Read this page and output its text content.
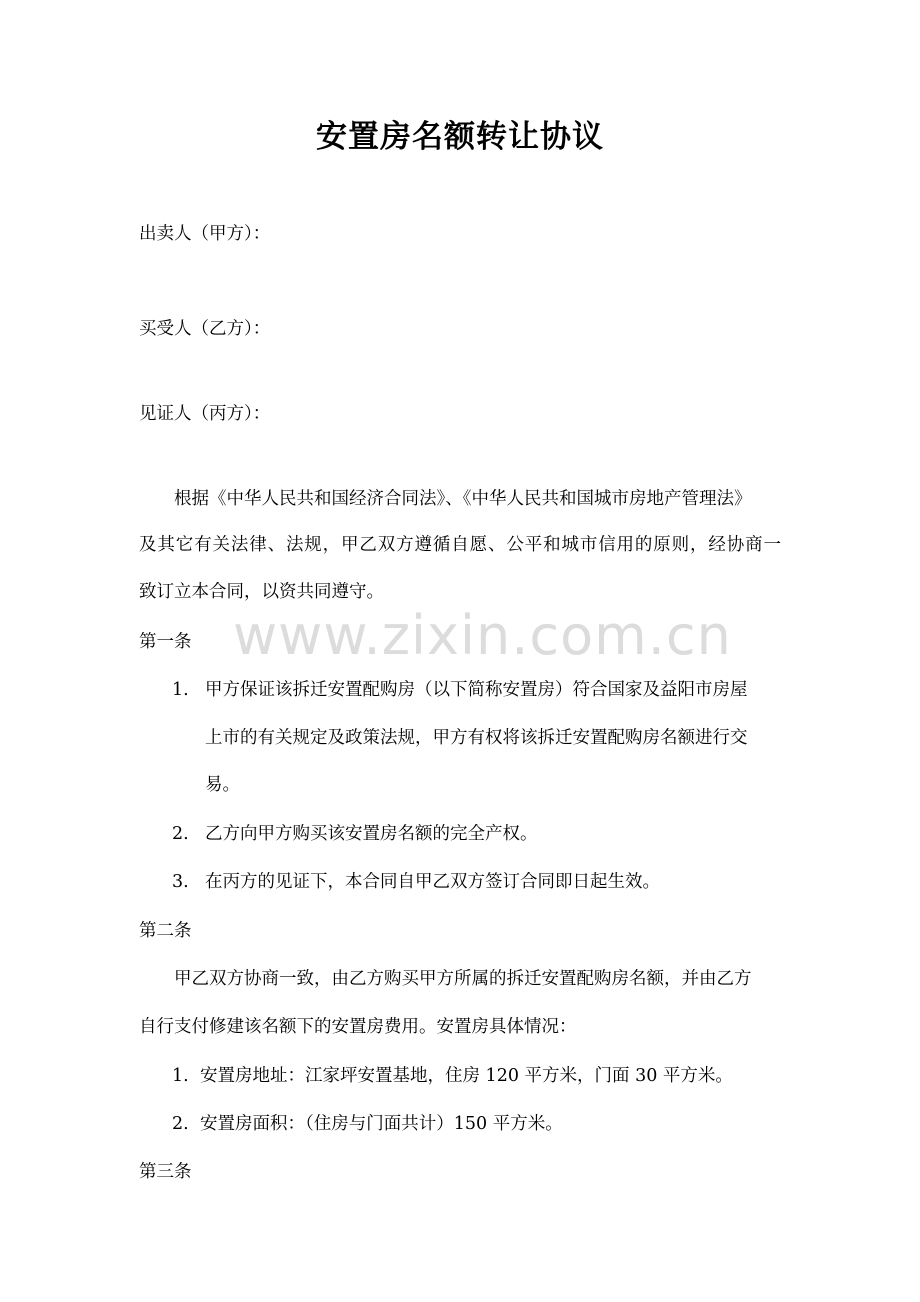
安置房名额转让协议
出卖人（甲方）：
买受人（乙方）：
见证人（丙方）：
根据《中华人民共和国经济合同法》、《中华人民共和国城市房地产管理法》
及其它有关法律、法规，甲乙双方遵循自愿、公平和城市信用的原则，经协商一
致订立本合同，以资共同遵守。
www.zixin.com.cn
第一条
1. 甲方保证该拆迁安置配购房（以下简称安置房）符合国家及益阳市房屋
上市的有关规定及政策法规，甲方有权将该拆迁安置配购房名额进行交
易。
2. 乙方向甲方购买该安置房名额的完全产权。
3. 在丙方的见证下，本合同自甲乙双方签订合同即日起生效。
第二条
甲乙双方协商一致，由乙方购买甲方所属的拆迁安置配购房名额，并由乙方
自行支付修建该名额下的安置房费用。安置房具体情况：
1. 安置房地址：江家坪安置基地，住房 120 平方米，门面 30 平方米。
2. 安置房面积：（住房与门面共计）150 平方米。
第三条
